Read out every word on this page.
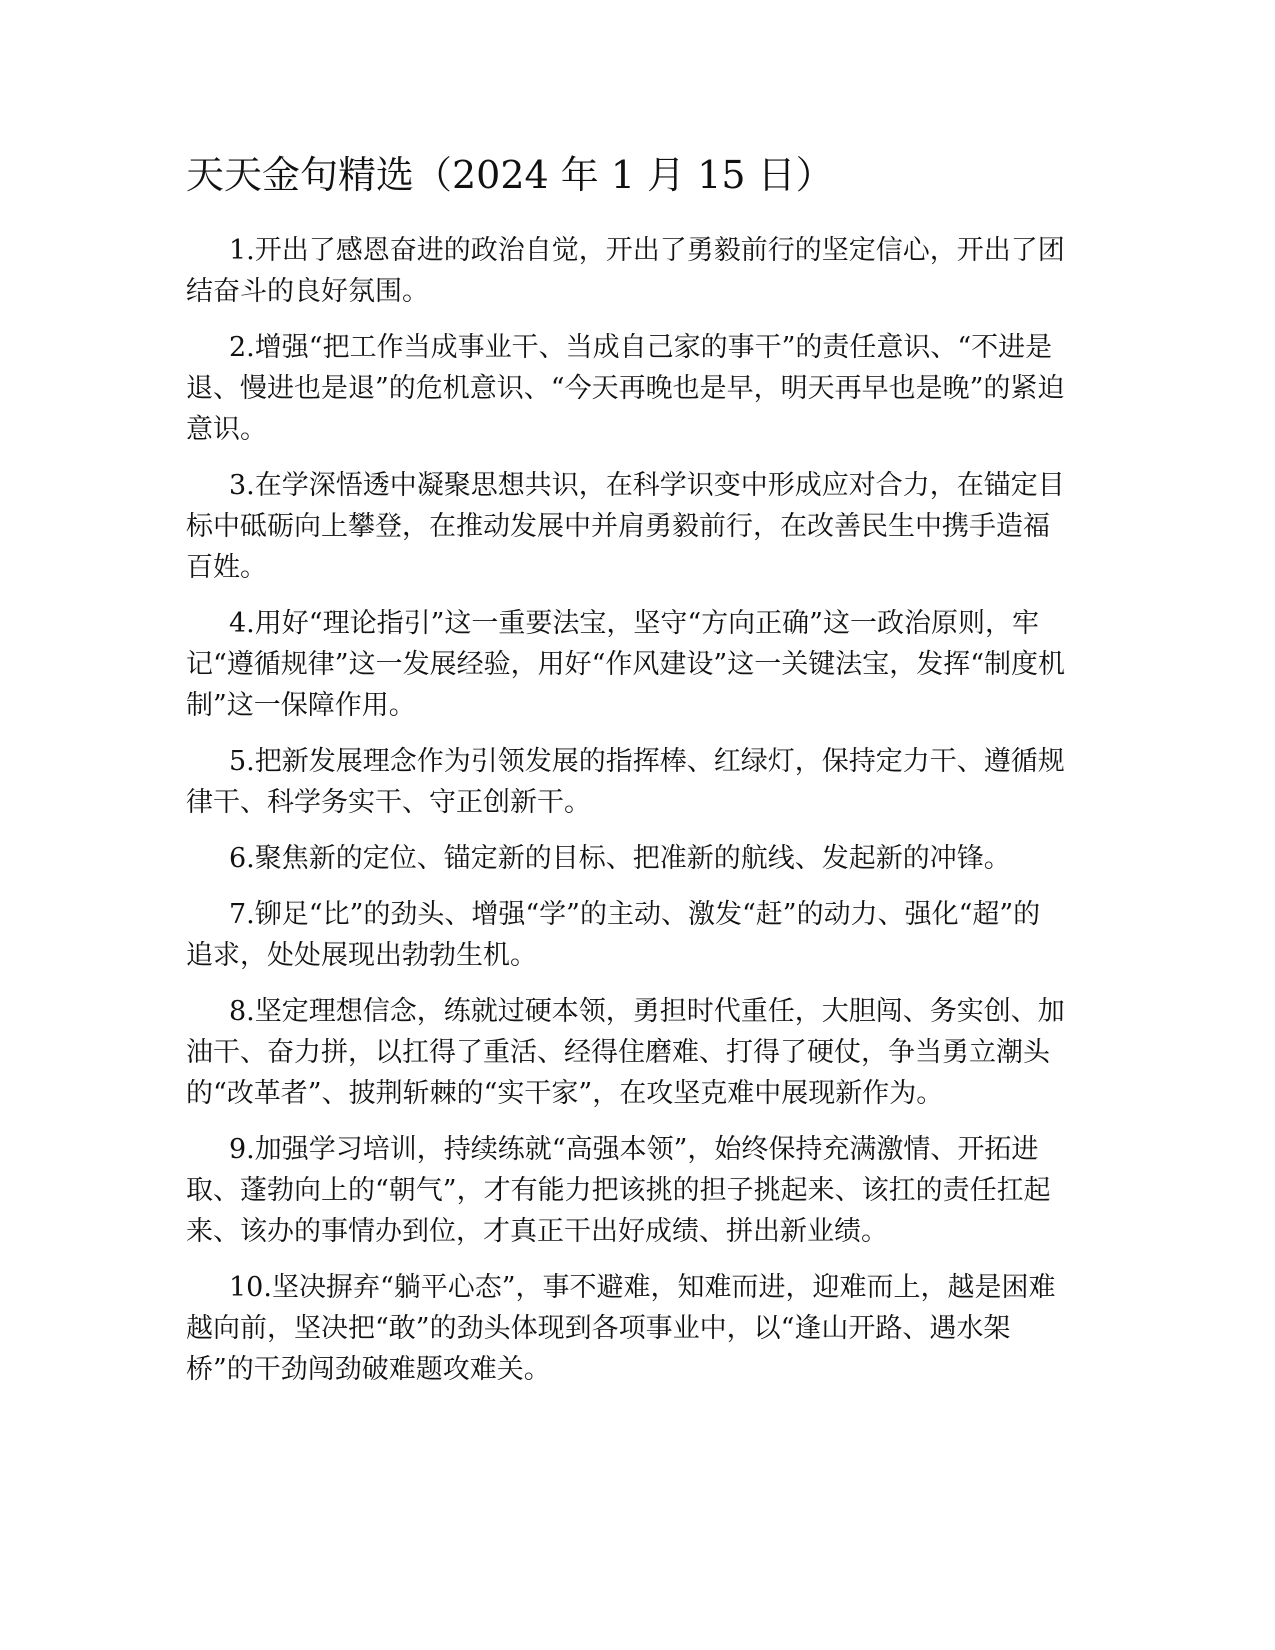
天天金句精选（2024 年 1 月 15 日）

1.开出了感恩奋进的政治自觉，开出了勇毅前行的坚定信心，开出了团结奋斗的良好氛围。

2.增强“把工作当成事业干、当成自己家的事干”的责任意识、“不进是退、慢进也是退”的危机意识、“今天再晚也是早，明天再早也是晚”的紧迫意识。

3.在学深悟透中凝聚思想共识，在科学识变中形成应对合力，在锚定目标中砥砺向上攀登，在推动发展中并肩勇毅前行，在改善民生中携手造福百姓。

4.用好“理论指引”这一重要法宝，坚守“方向正确”这一政治原则，牢记“遵循规律”这一发展经验，用好“作风建设”这一关键法宝，发挥“制度机制”这一保障作用。

5.把新发展理念作为引领发展的指挥棒、红绿灯，保持定力干、遵循规律干、科学务实干、守正创新干。

6.聚焦新的定位、锚定新的目标、把准新的航线、发起新的冲锋。

7.铆足“比”的劲头、增强“学”的主动、激发“赶”的动力、强化“超”的追求，处处展现出勃勃生机。

8.坚定理想信念，练就过硬本领，勇担时代重任，大胆闯、务实创、加油干、奋力拼，以扛得了重活、经得住磨难、打得了硬仗，争当勇立潮头的“改革者”、披荆斩棘的“实干家”，在攻坚克难中展现新作为。

9.加强学习培训，持续练就“高强本领”，始终保持充满激情、开拓进取、蓬勃向上的“朝气”，才有能力把该挑的担子挑起来、该扛的责任扛起来、该办的事情办到位，才真正干出好成绩、拼出新业绩。

10.坚决摒弃“躺平心态”，事不避难，知难而进，迎难而上，越是困难越向前，坚决把“敢”的劲头体现到各项事业中，以“逢山开路、遇水架桥”的干劲闯劲破难题攻难关。
